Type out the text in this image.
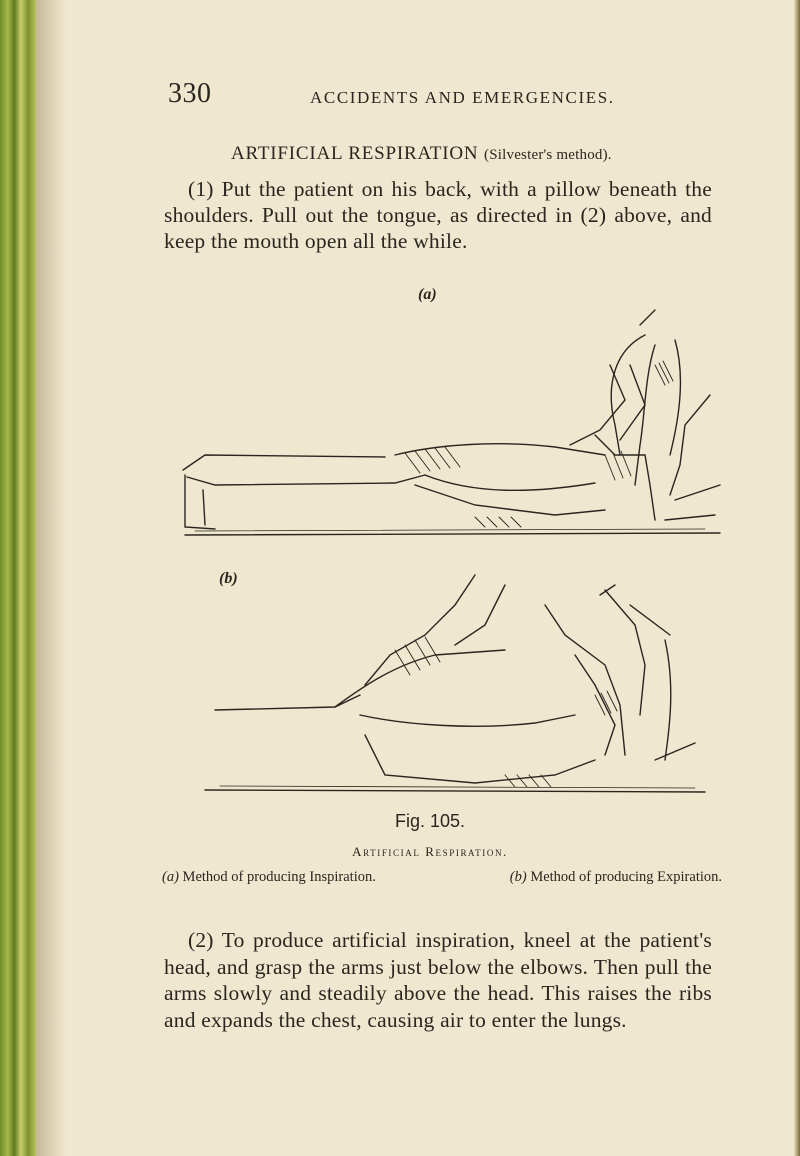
330	ACCIDENTS AND EMERGENCIES.
ARTIFICIAL RESPIRATION (Silvester's method).
(1) Put the patient on his back, with a pillow beneath the shoulders. Pull out the tongue, as directed in (2) above, and keep the mouth open all the while.
(a)
(b)
Fig. 105.
Artificial Respiration.
(a) Method of producing Inspiration.	(b) Method of producing Expiration.
(2) To produce artificial inspiration, kneel at the patient's head, and grasp the arms just below the elbows. Then pull the arms slowly and steadily above the head. This raises the ribs and expands the chest, causing air to enter the lungs.
